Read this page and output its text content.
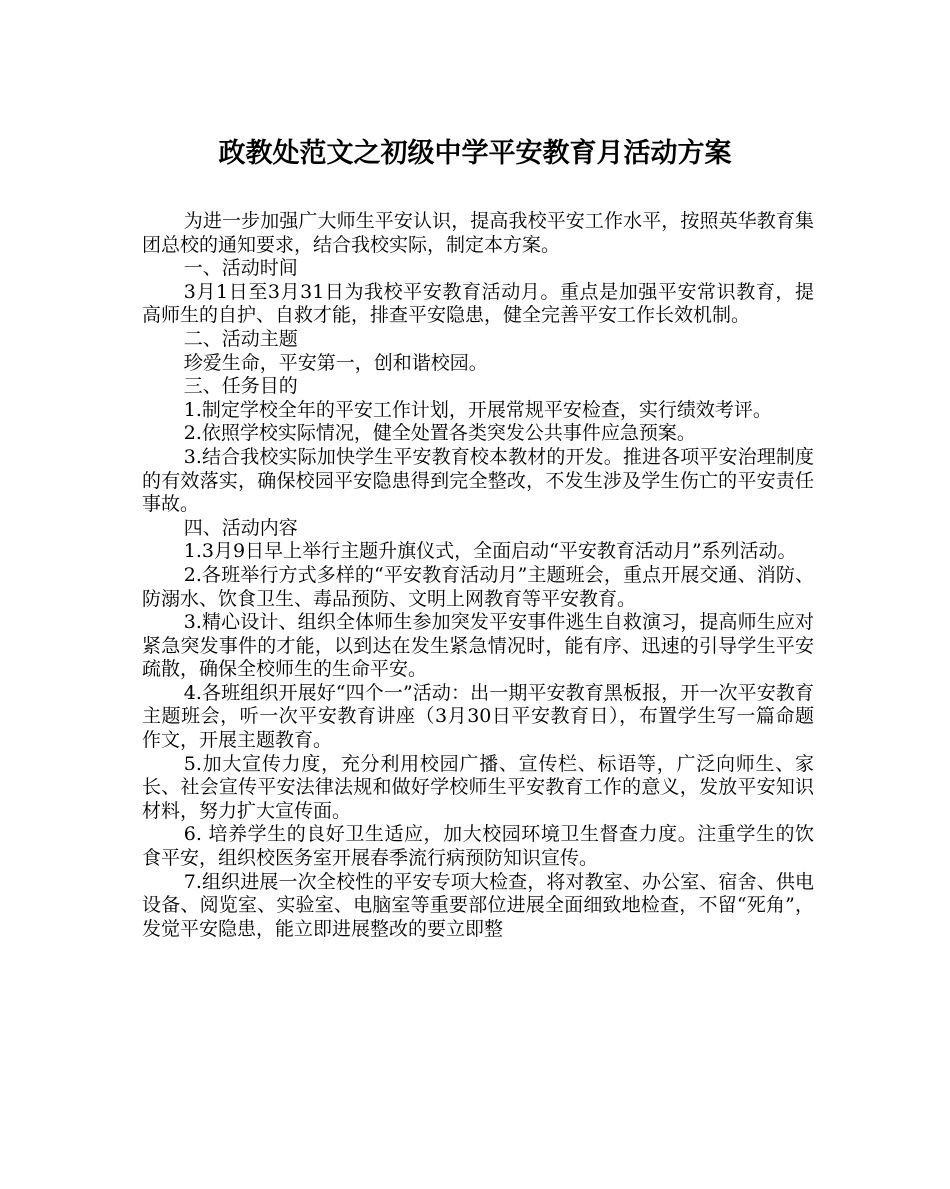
政教处范文之初级中学平安教育月活动方案

为进一步加强广大师生平安认识，提高我校平安工作水平，按照英华教育集团总校的通知要求，结合我校实际，制定本方案。

一、活动时间

3月1日至3月31日为我校平安教育活动月。重点是加强平安常识教育，提高师生的自护、自救才能，排查平安隐患，健全完善平安工作长效机制。

二、活动主题

珍爱生命，平安第一，创和谐校园。

三、任务目的

1.制定学校全年的平安工作计划，开展常规平安检查，实行绩效考评。

2.依照学校实际情况，健全处置各类突发公共事件应急预案。

3.结合我校实际加快学生平安教育校本教材的开发。推进各项平安治理制度的有效落实，确保校园平安隐患得到完全整改，不发生涉及学生伤亡的平安责任事故。

四、活动内容

1.3月9日早上举行主题升旗仪式，全面启动“平安教育活动月”系列活动。

2.各班举行方式多样的“平安教育活动月”主题班会，重点开展交通、消防、防溺水、饮食卫生、毒品预防、文明上网教育等平安教育。

3.精心设计、组织全体师生参加突发平安事件逃生自救演习，提高师生应对紧急突发事件的才能，以到达在发生紧急情况时，能有序、迅速的引导学生平安疏散，确保全校师生的生命平安。

4.各班组织开展好“四个一”活动：出一期平安教育黑板报，开一次平安教育主题班会，听一次平安教育讲座（3月30日平安教育日），布置学生写一篇命题作文，开展主题教育。

5.加大宣传力度，充分利用校园广播、宣传栏、标语等，广泛向师生、家长、社会宣传平安法律法规和做好学校师生平安教育工作的意义，发放平安知识材料，努力扩大宣传面。

6. 培养学生的良好卫生适应，加大校园环境卫生督查力度。注重学生的饮食平安，组织校医务室开展春季流行病预防知识宣传。

7.组织进展一次全校性的平安专项大检查，将对教室、办公室、宿舍、供电设备、阅览室、实验室、电脑室等重要部位进展全面细致地检查，不留“死角”，发觉平安隐患，能立即进展整改的要立即整
